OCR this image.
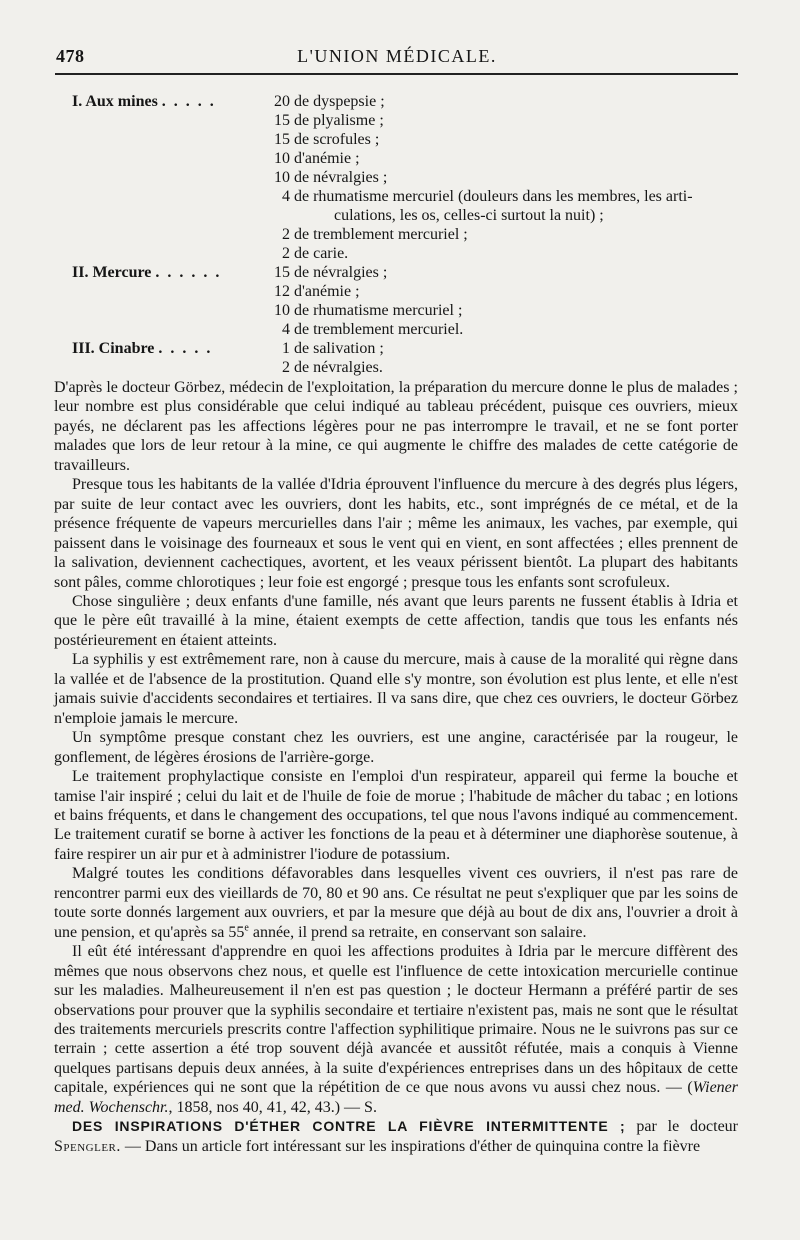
478	L'UNION MÉDICALE.
I. Aux mines . . . . .	20 de dyspepsie ;
15 de plyalisme ;
15 de scrofules ;
10 d'anémie ;
10 de névralgies ;
4 de rhumatisme mercuriel (douleurs dans les membres, les arti-
culations, les os, celles-ci surtout la nuit) ;
2 de tremblement mercuriel ;
2 de carie.
II. Mercure . . . . . .	15 de névralgies ;
12 d'anémie ;
10 de rhumatisme mercuriel ;
4 de tremblement mercuriel.
III. Cinabre . . . . .	1 de salivation ;
2 de névralgies.

D'après le docteur Görbez, médecin de l'exploitation, la préparation du mercure donne le plus de malades ; leur nombre est plus considérable que celui indiqué au tableau précédent, puisque ces ouvriers, mieux payés, ne déclarent pas les affections légères pour ne pas interrompre le travail, et ne se font porter malades que lors de leur retour à la mine, ce qui augmente le chiffre des malades de cette catégorie de travailleurs.

Presque tous les habitants de la vallée d'Idria éprouvent l'influence du mercure à des degrés plus légers, par suite de leur contact avec les ouvriers, dont les habits, etc., sont imprégnés de ce métal, et de la présence fréquente de vapeurs mercurielles dans l'air ; même les animaux, les vaches, par exemple, qui paissent dans le voisinage des fourneaux et sous le vent qui en vient, en sont affectées ; elles prennent de la salivation, deviennent cachectiques, avortent, et les veaux périssent bientôt. La plupart des habitants sont pâles, comme chlorotiques ; leur foie est engorgé ; presque tous les enfants sont scrofuleux.

Chose singulière ; deux enfants d'une famille, nés avant que leurs parents ne fussent établis à Idria et que le père eût travaillé à la mine, étaient exempts de cette affection, tandis que tous les enfants nés postérieurement en étaient atteints.

La syphilis y est extrêmement rare, non à cause du mercure, mais à cause de la moralité qui règne dans la vallée et de l'absence de la prostitution. Quand elle s'y montre, son évolution est plus lente, et elle n'est jamais suivie d'accidents secondaires et tertiaires. Il va sans dire, que chez ces ouvriers, le docteur Görbez n'emploie jamais le mercure.

Un symptôme presque constant chez les ouvriers, est une angine, caractérisée par la rougeur, le gonflement, de légères érosions de l'arrière-gorge.

Le traitement prophylactique consiste en l'emploi d'un respirateur, appareil qui ferme la bouche et tamise l'air inspiré ; celui du lait et de l'huile de foie de morue ; l'habitude de mâcher du tabac ; en lotions et bains fréquents, et dans le changement des occupations, tel que nous l'avons indiqué au commencement. Le traitement curatif se borne à activer les fonctions de la peau et à déterminer une diaphorèse soutenue, à faire respirer un air pur et à administrer l'iodure de potassium.

Malgré toutes les conditions défavorables dans lesquelles vivent ces ouvriers, il n'est pas rare de rencontrer parmi eux des vieillards de 70, 80 et 90 ans. Ce résultat ne peut s'expliquer que par les soins de toute sorte donnés largement aux ouvriers, et par la mesure que déjà au bout de dix ans, l'ouvrier a droit à une pension, et qu'après sa 55e année, il prend sa retraite, en conservant son salaire.

Il eût été intéressant d'apprendre en quoi les affections produites à Idria par le mercure diffèrent des mêmes que nous observons chez nous, et quelle est l'influence de cette intoxication mercurielle continue sur les maladies. Malheureusement il n'en est pas question ; le docteur Hermann a préféré partir de ses observations pour prouver que la syphilis secondaire et tertiaire n'existent pas, mais ne sont que le résultat des traitements mercuriels prescrits contre l'affection syphilitique primaire. Nous ne le suivrons pas sur ce terrain ; cette assertion a été trop souvent déjà avancée et aussitôt réfutée, mais a conquis à Vienne quelques partisans depuis deux années, à la suite d'expériences entreprises dans un des hôpitaux de cette capitale, expériences qui ne sont que la répétition de ce que nous avons vu aussi chez nous. — (Wiener med. Wochenschr., 1858, nos 40, 41, 42, 43.) — S.

DES INSPIRATIONS D'ÉTHER CONTRE LA FIÈVRE INTERMITTENTE ; par le docteur Spengler. — Dans un article fort intéressant sur les inspirations d'éther de quinquina contre la fièvre
